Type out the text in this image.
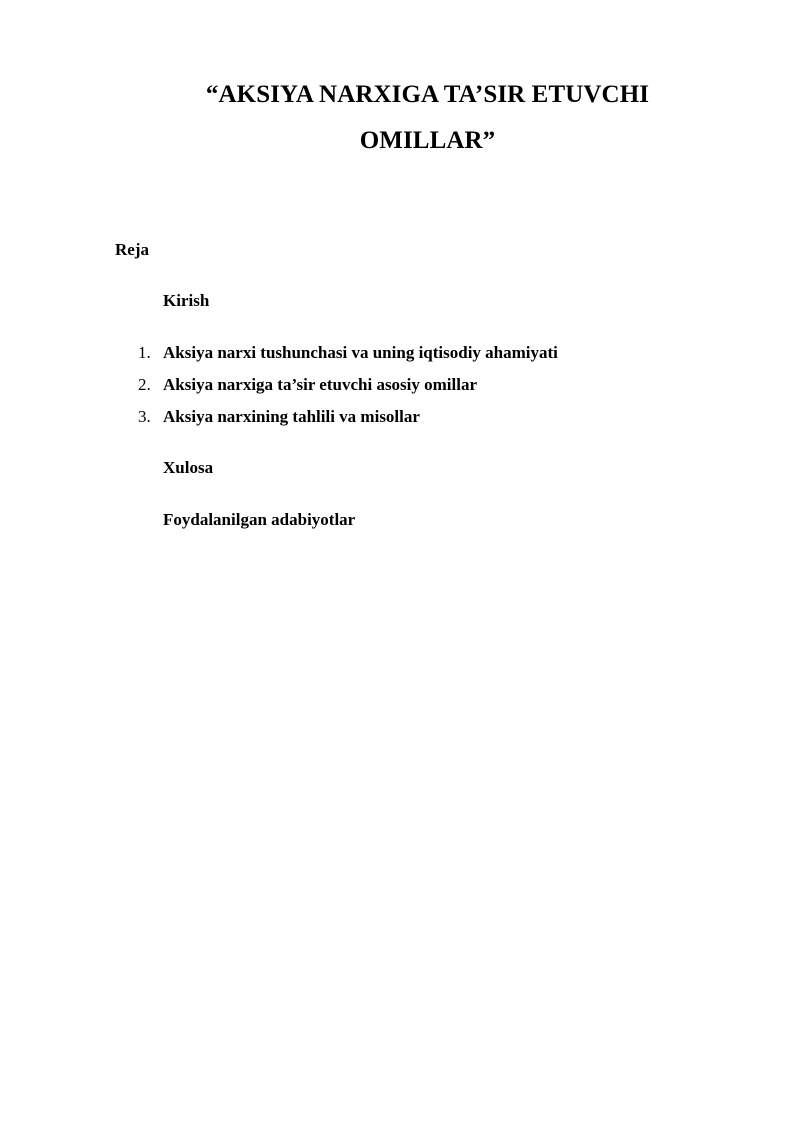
“AKSIYA NARXIGA TA’SIR ETUVCHI
OMILLAR”
Reja
Kirish
1. Aksiya narxi tushunchasi va uning iqtisodiy ahamiyati
2. Aksiya narxiga ta’sir etuvchi asosiy omillar
3. Aksiya narxining tahlili va misollar
Xulosa
Foydalanilgan adabiyotlar
